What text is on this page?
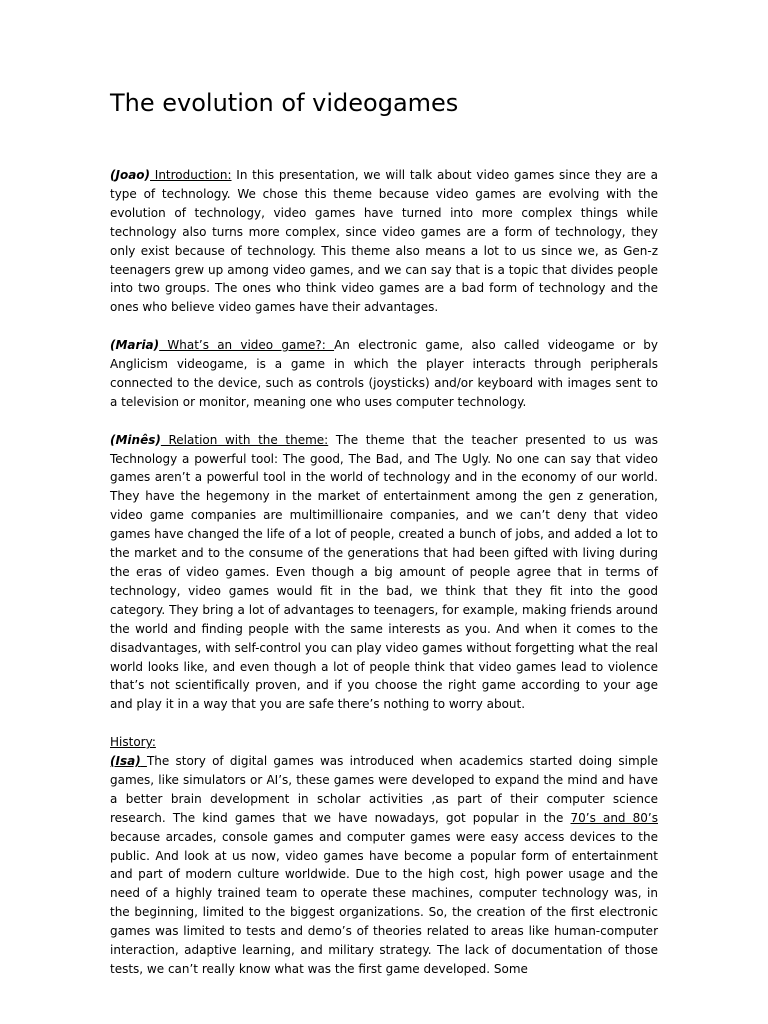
The evolution of videogames

(Joao) Introduction: In this presentation, we will talk about video games since they are a type of technology. We chose this theme because video games are evolving with the evolution of technology, video games have turned into more complex things while technology also turns more complex, since video games are a form of technology, they only exist because of technology. This theme also means a lot to us since we, as Gen-z teenagers grew up among video games, and we can say that is a topic that divides people into two groups. The ones who think video games are a bad form of technology and the ones who believe video games have their advantages.

(Maria) What’s an video game?: An electronic game, also called videogame or by Anglicism videogame, is a game in which the player interacts through peripherals connected to the device, such as controls (joysticks) and/or keyboard with images sent to a television or monitor, meaning one who uses computer technology.

(Minês) Relation with the theme: The theme that the teacher presented to us was Technology a powerful tool: The good, The Bad, and The Ugly. No one can say that video games aren’t a powerful tool in the world of technology and in the economy of our world. They have the hegemony in the market of entertainment among the gen z generation, video game companies are multimillionaire companies, and we can’t deny that video games have changed the life of a lot of people, created a bunch of jobs, and added a lot to the market and to the consume of the generations that had been gifted with living during the eras of video games. Even though a big amount of people agree that in terms of technology, video games would fit in the bad, we think that they fit into the good category. They bring a lot of advantages to teenagers, for example, making friends around the world and finding people with the same interests as you. And when it comes to the disadvantages, with self-control you can play video games without forgetting what the real world looks like, and even though a lot of people think that video games lead to violence that’s not scientifically proven, and if you choose the right game according to your age and play it in a way that you are safe there’s nothing to worry about.

History:

(Isa) The story of digital games was introduced when academics started doing simple games, like simulators or AI’s, these games were developed to expand the mind and have a better brain development in scholar activities ,as part of their computer science research. The kind games that we have nowadays, got popular in the 70’s and 80’s because arcades, console games and computer games were easy access devices to the public. And look at us now, video games have become a popular form of entertainment and part of modern culture worldwide. Due to the high cost, high power usage and the need of a highly trained team to operate these machines, computer technology was, in the beginning, limited to the biggest organizations. So, the creation of the first electronic games was limited to tests and demo’s of theories related to areas like human-computer interaction, adaptive learning, and military strategy. The lack of documentation of those tests, we can’t really know what was the first game developed. Some
